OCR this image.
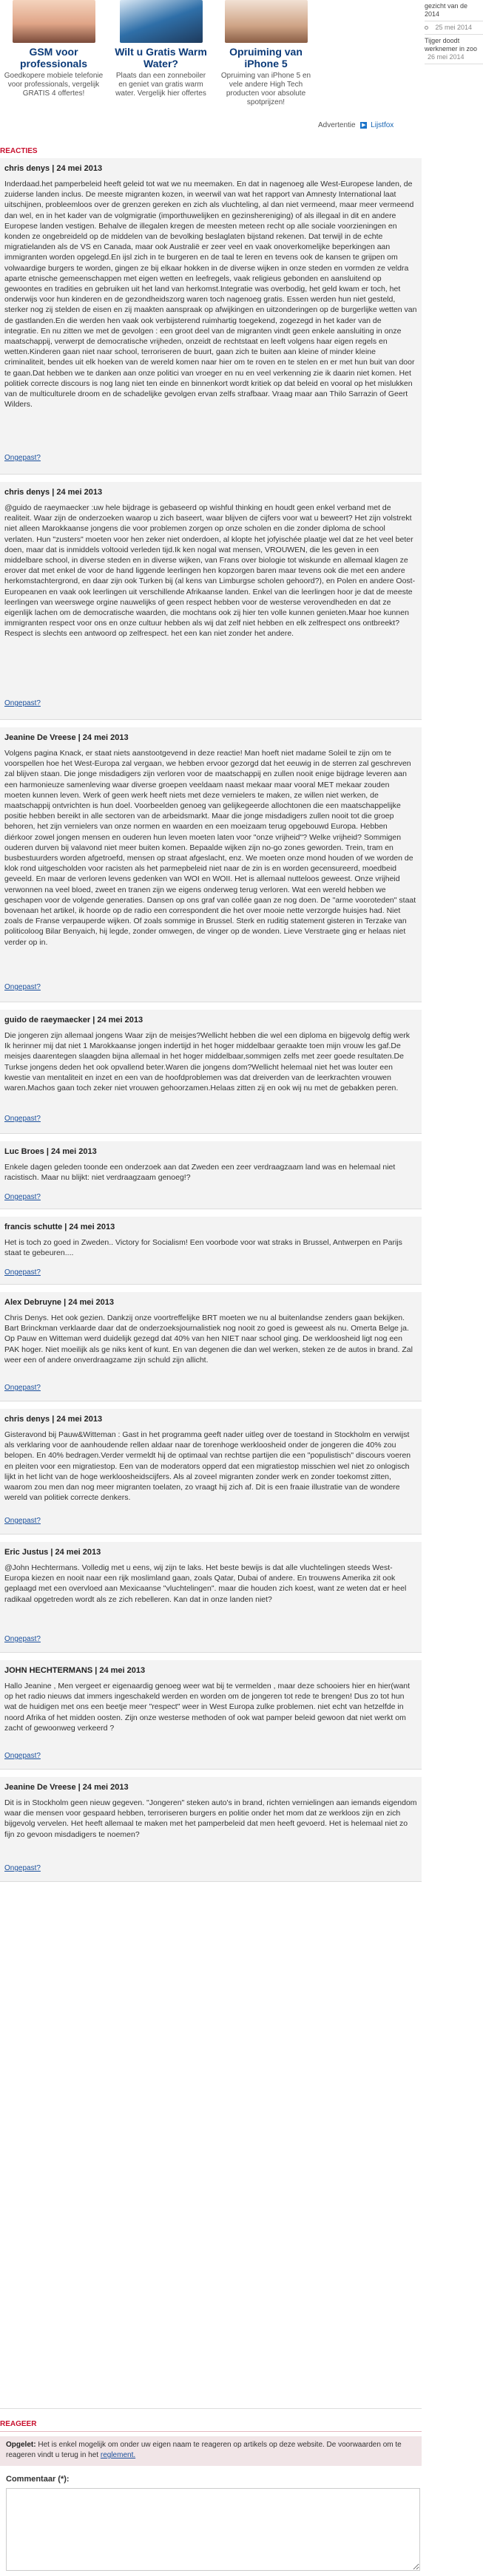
GSM voor professionals
Goedkopere mobiele telefonie voor professionals, vergelijk GRATIS 4 offertes!
Wilt u Gratis Warm Water?
Plaats dan een zonneboiler en geniet van gratis warm water. Vergelijk hier offertes
Opruiming van iPhone 5
Opruiming van iPhone 5 en vele andere High Tech producten voor absolute spotprijzen!
Advertentie ▶ Lijstfox
gezicht van de 2014
25 mei 2014
Tijger doodt werknemer in zoo
26 mei 2014
REACTIES
chris denys | 24 mei 2013
Inderdaad.het pamperbeleid heeft geleid tot wat we nu meemaken. En dat in nagenoeg alle West-Europese landen, de zuiderse landen inclus. De meeste migranten kozen, in weerwil van wat het rapport van Amnesty International laat uitschijnen, probleemloos over de grenzen gereken en zich als vluchteling, al dan niet vermeend, maar meer vermeend dan wel, en in het kader van de volgmigratie (importhuwelijken en gezinshereniging) of als illegaal in dit en andere Europese landen vestigen. Behalve de illegalen kregen de meesten meteen recht op alle sociale voorzieningen en konden ze ongebreideld op de middelen van de bevolking beslaglaten bijstand rekenen. Dat terwijl in de echte migratielanden als de VS en Canada, maar ook Australië er zeer veel en vaak onoverkomelijke beperkingen aan immigranten worden opgelegd.En ijsl zich in te burgeren en de taal te leren en tevens ook de kansen te grijpen om volwaardige burgers te worden, gingen ze bij elkaar hokken in de diverse wijken in onze steden en vormden ze veldra aparte etnische gemeenschappen met eigen wetten en leefregels, vaak religieus gebonden en aansluitend op gewoontes en tradities en gebruiken uit het land van herkomst.Integratie was overbodig, het geld kwam er toch, het onderwijs voor hun kinderen en de gezondheidszorg waren toch nagenoeg gratis. Essen werden hun niet gesteld, sterker nog zij stelden de eisen en zij maakten aanspraak op afwijkingen en uitzonderingen op de burgerlijke wetten van de gastlanden.En die werden hen vaak ook verbijsterend ruimhartig toegekend, zogezegd in het kader van de integratie. En nu zitten we met de gevolgen : een groot deel van de migranten vindt geen enkele aansluiting in onze maatschappij, verwerpt de democratische vrijheden, onzeidt de rechtstaat en leeft volgens haar eigen regels en wetten.Kinderen gaan niet naar school, terroriseren de buurt, gaan zich te buiten aan kleine of minder kleine criminaliteit, bendes uit elk hoeken van de wereld komen naar hier om te roven en te stelen en er met hun buit van door te gaan.Dat hebben we te danken aan onze politici van vroeger en nu en veel verkenning zie ik daarin niet komen. Het politiek correcte discours is nog lang niet ten einde en binnenkort wordt kritiek op dat beleid en vooral op het mislukken van de multiculturele droom en de schadelijke gevolgen ervan zelfs strafbaar. Vraag maar aan Thilo Sarrazin of Geert Wilders.
Ongepast?
chris denys | 24 mei 2013
@guido de raeymaecker :uw hele bijdrage is gebaseerd op wishful thinking en houdt geen enkel verband met de realiteit. Waar zijn de onderzoeken waarop u zich baseert, waar blijven de cijfers voor wat u beweert? Het zijn volstrekt niet alleen Marokkaanse jongens die voor problemen zorgen op onze scholen en die zonder diploma de school verlaten. Hun "zusters" moeten voor hen zeker niet onderdoen, al klopte het jofyischée plaatje wel dat ze het veel beter doen, maar dat is inmiddels voltooid verleden tijd.Ik ken nogal wat mensen, VROUWEN, die les geven in een middelbare school, in diverse steden en in diverse wijken, van Frans over biologie tot wiskunde en allemaal klagen ze erover dat met enkel de voor de hand liggende leerlingen hen kopzorgen baren maar tevens ook die met een andere herkomstachtergrond, en daar zijn ook Turken bij (al kens van Limburgse scholen gehoord?), en Polen en andere Oost-Europeanen en vaak ook leerlingen uit verschillende Afrikaanse landen. Enkel van die leerlingen hoor je dat de meeste leerlingen van weerswege orgine nauwelijks of geen respect hebben voor de westerse verovendheden en dat ze eigenlijk lachen om de democratische waarden, die mochtans ook zij hier ten volle kunnen genieten.Maar hoe kunnen immigranten respect voor ons en onze cultuur hebben als wij dat zelf niet hebben en elk zelfrespect ons ontbreekt?Respect is slechts een antwoord op zelfrespect. het een kan niet zonder het andere.
Ongepast?
Jeanine De Vreese | 24 mei 2013
Volgens pagina Knack, er staat niets aanstootgevend in deze reactie! Man hoeft niet madame Soleil te zijn om te voorspellen hoe het West-Europa zal vergaan, we hebben ervoor gezorgd dat het eeuwig in de sterren zal geschreven zal blijven staan. Die jonge misdadigers zijn verloren voor de maatschappij en zullen nooit enige bijdrage leveren aan een harmonieuze samenleving waar diverse groepen veeldaam naast mekaar maar vooral MET mekaar zouden moeten kunnen leven. Werk of geen werk heeft niets met deze vernielers te maken, ze willen niet werken, de maatschappij ontvrichten is hun doel. Voorbeelden genoeg van gelijkegeerde allochtonen die een maatschappelijke positie hebben bereikt in alle sectoren van de arbeidsmarkt. Maar die jonge misdadigers zullen nooit tot die groep behoren, het zijn vernielers van onze normen en waarden en een moeizaam terug opgebouwd Europa. Hebben diérkoor zowel jongen mensen en ouderen hun leven moeten laten voor "onze vrijheid"? Welke vrijheid? Sommigen ouderen durven bij valavond niet meer buiten komen. Bepaalde wijken zijn no-go zones geworden. Trein, tram en busbestuurders worden afgetroefd, mensen op straat afgeslacht, enz. We moeten onze mond houden of we worden de klok rond uitgescholden voor racisten als het parmepbeleid niet naar de zin is en worden gecensureerd, moedbeid geveeld. En maar de verloren levens gedenken van WOI en WOII. Het is allemaal nutteloos geweest. Onze vrijheid verwonnen na veel bloed, zweet en tranen zijn we eigens onderweg terug verloren. Wat een wereld hebben we geschapen voor de volgende generaties. Dansen op ons graf van collée gaan ze nog doen. De "arme vooroteden" staat bovenaan het artikel, ik hoorde op de radio een correspondent die het over mooie nette verzorgde huisjes had. Niet zoals de Franse verpauperde wijken. Of zoals sommige in Brussel. Sterk en ruditig statement gisteren in Terzake van politicoloog Bilar Benyaich, hij legde, zonder omwegen, de vinger op de wonden. Lieve Verstraete ging er helaas niet verder op in.
Ongepast?
guido de raeymaecker | 24 mei 2013
Die jongeren zijn allemaal jongens Waar zijn de meisjes?Wellicht hebben die wel een diploma en bijgevolg deftig werk Ik herinner mij dat niet 1 Marokkaanse jongen indertijd in het hoger middelbaar geraakte toen mijn vrouw les gaf.De meisjes daarentegen slaagden bijna allemaal in het hoger middelbaar,sommigen zelfs met zeer goede resultaten.De Turkse jongens deden het ook opvallend beter.Waren die jongens dom?Wellicht helemaal niet het was louter een kwestie van mentaliteit en inzet en een van de hoofdproblemen was dat dreiverden van de leerkrachten vrouwen waren.Machos gaan toch zeker niet vrouwen gehoorzamen.Helaas zitten zij en ook wij nu met de gebakken peren.
Ongepast?
Luc Broes | 24 mei 2013
Enkele dagen geleden toonde een onderzoek aan dat Zweden een zeer verdraagzaam land was en helemaal niet racistisch. Maar nu blijkt: niet verdraagzaam genoeg!?
Ongepast?
francis schutte | 24 mei 2013
Het is toch zo goed in Zweden.. Victory for Socialism! Een voorbode voor wat straks in Brussel, Antwerpen en Parijs staat te gebeuren....
Ongepast?
Alex Debruyne | 24 mei 2013
Chris Denys. Het ook gezien. Dankzij onze voortreffelijke BRT moeten we nu al buitenlandse zenders gaan bekijken. Bart Brinckman verklaarde daar dat de onderzoeksjournalistiek nog nooit zo goed is geweest als nu. Omerta Belge ja. Op Pauw en Witteman werd duidelijk gezegd dat 40% van hen NIET naar school ging. De werkloosheid ligt nog een PAK hoger. Niet moeilijk als ge niks kent of kunt. En van degenen die dan wel werken, steken ze de autos in brand. Zal weer een of andere onverdraagzame zijn schuld zijn allicht.
Ongepast?
chris denys | 24 mei 2013
Gisteravond bij Pauw&Witteman : Gast in het programma geeft nader uitleg over de toestand in Stockholm en verwijst als verklaring voor de aanhoudende rellen aldaar naar de torenhoge werkloosheid onder de jongeren die 40% zou belopen. En 40% bedragen.Verder vermeldt hij de optimaal van rechtse partijen die een "populistisch" discours voeren en pleiten voor een migratiestop. Een van de moderators opperd dat een migratiestop misschien wel niet zo onlogisch lijkt in het licht van de hoge werkloosheidscijfers. Als al zoveel migranten zonder werk en zonder toekomst zitten, waarom zou men dan nog meer migranten toelaten, zo vraagt hij zich af. Dit is een fraaie illustratie van de wondere wereld van politiek correcte denkers.
Ongepast?
Eric Justus | 24 mei 2013
@John Hechtermans. Volledig met u eens, wij zijn te laks. Het beste bewijs is dat alle vluchtelingen steeds West-Europa kiezen en nooit naar een rijk moslimland gaan, zoals Qatar, Dubai of andere. En trouwens Amerika zit ook geplaagd met een overvloed aan Mexicaanse "vluchtelingen". maar die houden zich koest, want ze weten dat er heel radikaal opgetreden wordt als ze zich rebelleren. Kan dat in onze landen niet?
Ongepast?
JOHN HECHTERMANS | 24 mei 2013
Hallo Jeanine , Men vergeet er eigenaardig genoeg weer wat bij te vermelden , maar deze schooiers hier en hier(want op het radio nieuws dat immers ingeschakeld werden en worden om de jongeren tot rede te brengen! Dus zo tot hun wat de huidigen met ons een beetje meer "respect" weer in West Europa zulke problemen. niet echt van hetzelfde in noord Afrika of het midden oosten. Zijn onze westerse methoden of ook wat pamper beleid gewoon dat niet werkt om zacht of gewoonweg verkeerd ?
Ongepast?
Jeanine De Vreese | 24 mei 2013
Dit is in Stockholm geen nieuw gegeven. "Jongeren" steken auto's in brand, richten vernielingen aan iemands eigendom waar die mensen voor gespaard hebben, terroriseren burgers en politie onder het mom dat ze werkloos zijn en zich bijgevolg vervelen. Het heeft allemaal te maken met het pamperbeleid dat men heeft gevoerd. Het is helemaal niet zo fijn zo gevoon misdadigers te noemen?
Ongepast?
REAGEER
Opgelet: Het is enkel mogelijk om onder uw eigen naam te reageren op artikels op deze website. De voorwaarden om te reageren vindt u terug in het reglement.
Commentaar (*):
